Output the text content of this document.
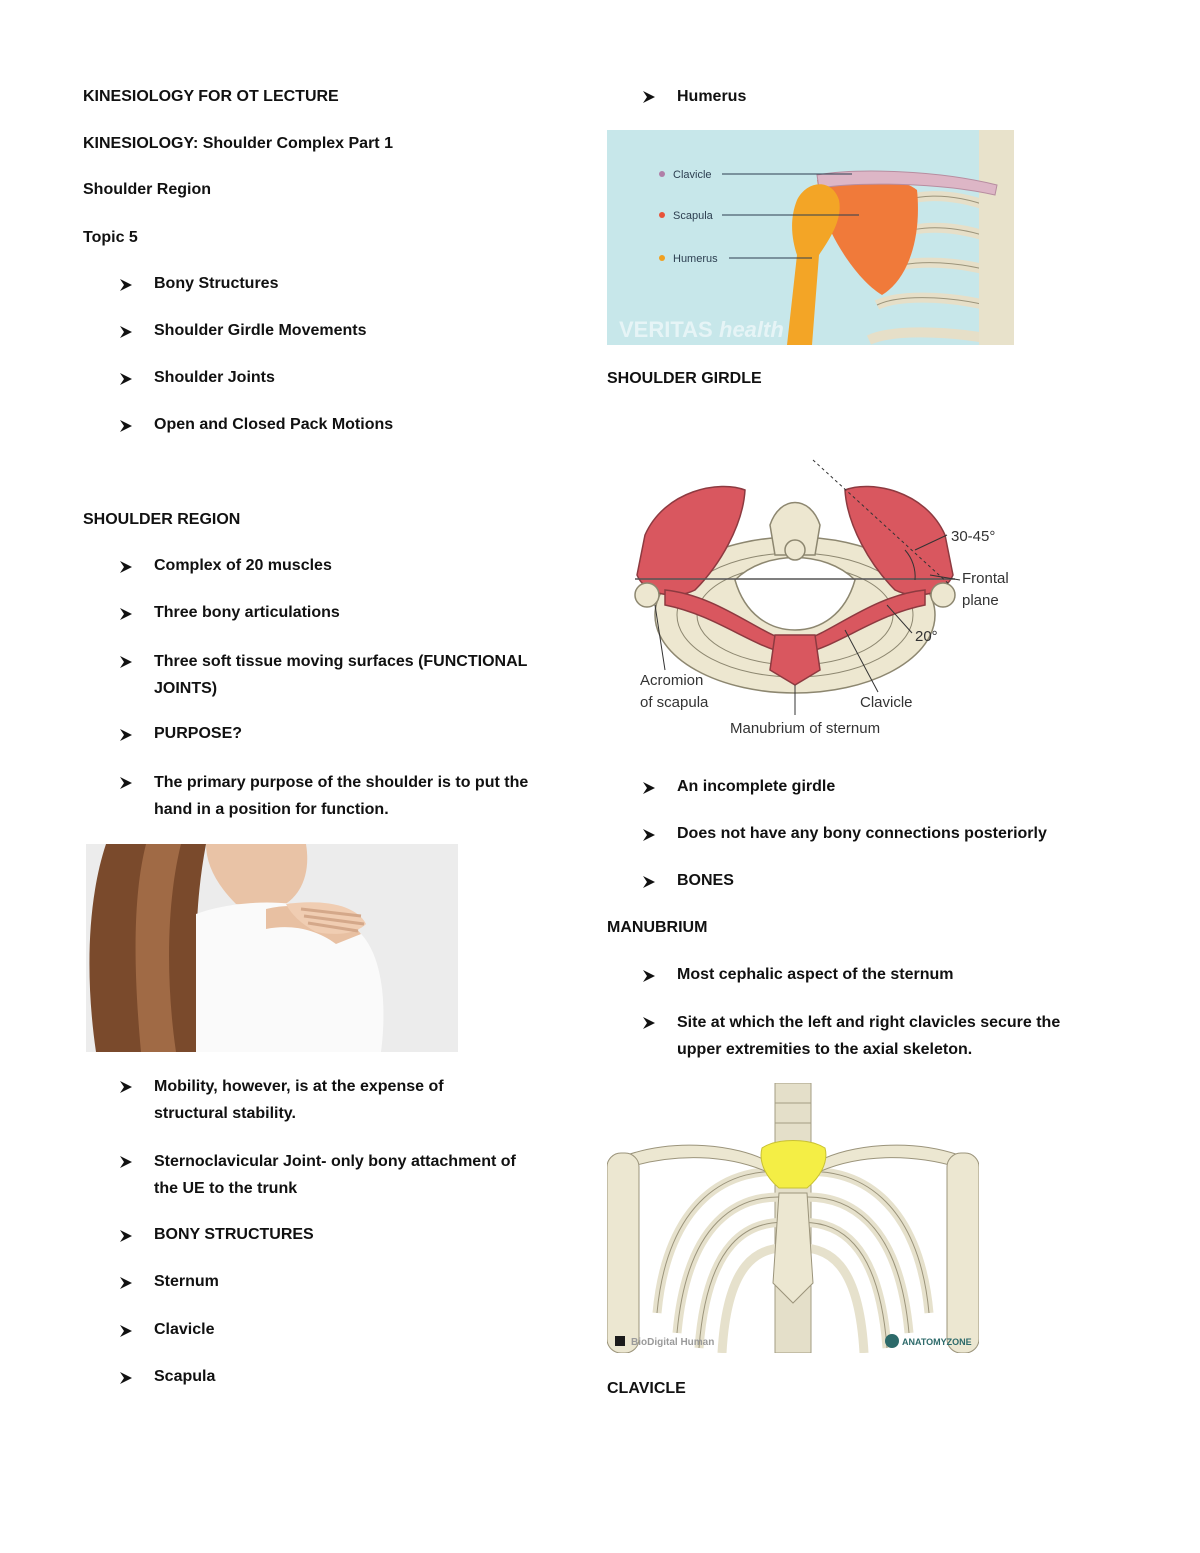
KINESIOLOGY FOR OT LECTURE
KINESIOLOGY: Shoulder Complex Part 1
Shoulder Region
Topic 5
Bony Structures
Shoulder Girdle Movements
Shoulder Joints
Open and Closed Pack Motions
SHOULDER REGION
Complex of 20 muscles
Three bony articulations
Three soft tissue moving surfaces (FUNCTIONAL JOINTS)
PURPOSE?
The primary purpose of the shoulder is to put the hand in a position for function.
Mobility, however, is at the expense of structural stability.
Sternoclavicular Joint- only bony attachment of the UE to the trunk
BONY STRUCTURES
Sternum
Clavicle
Scapula
Humerus
Clavicle
Scapula
Humerus
VERITAS health
SHOULDER GIRDLE
30-45°
Frontal
plane
20°
Acromion
of scapula	Clavicle
Manubrium of sternum
An incomplete girdle
Does not have any bony connections posteriorly
BONES
MANUBRIUM
Most cephalic aspect of the sternum
Site at which the left and right clavicles secure the upper extremities to the axial skeleton.
BioDigital Human	ANATOMYZONE
CLAVICLE
